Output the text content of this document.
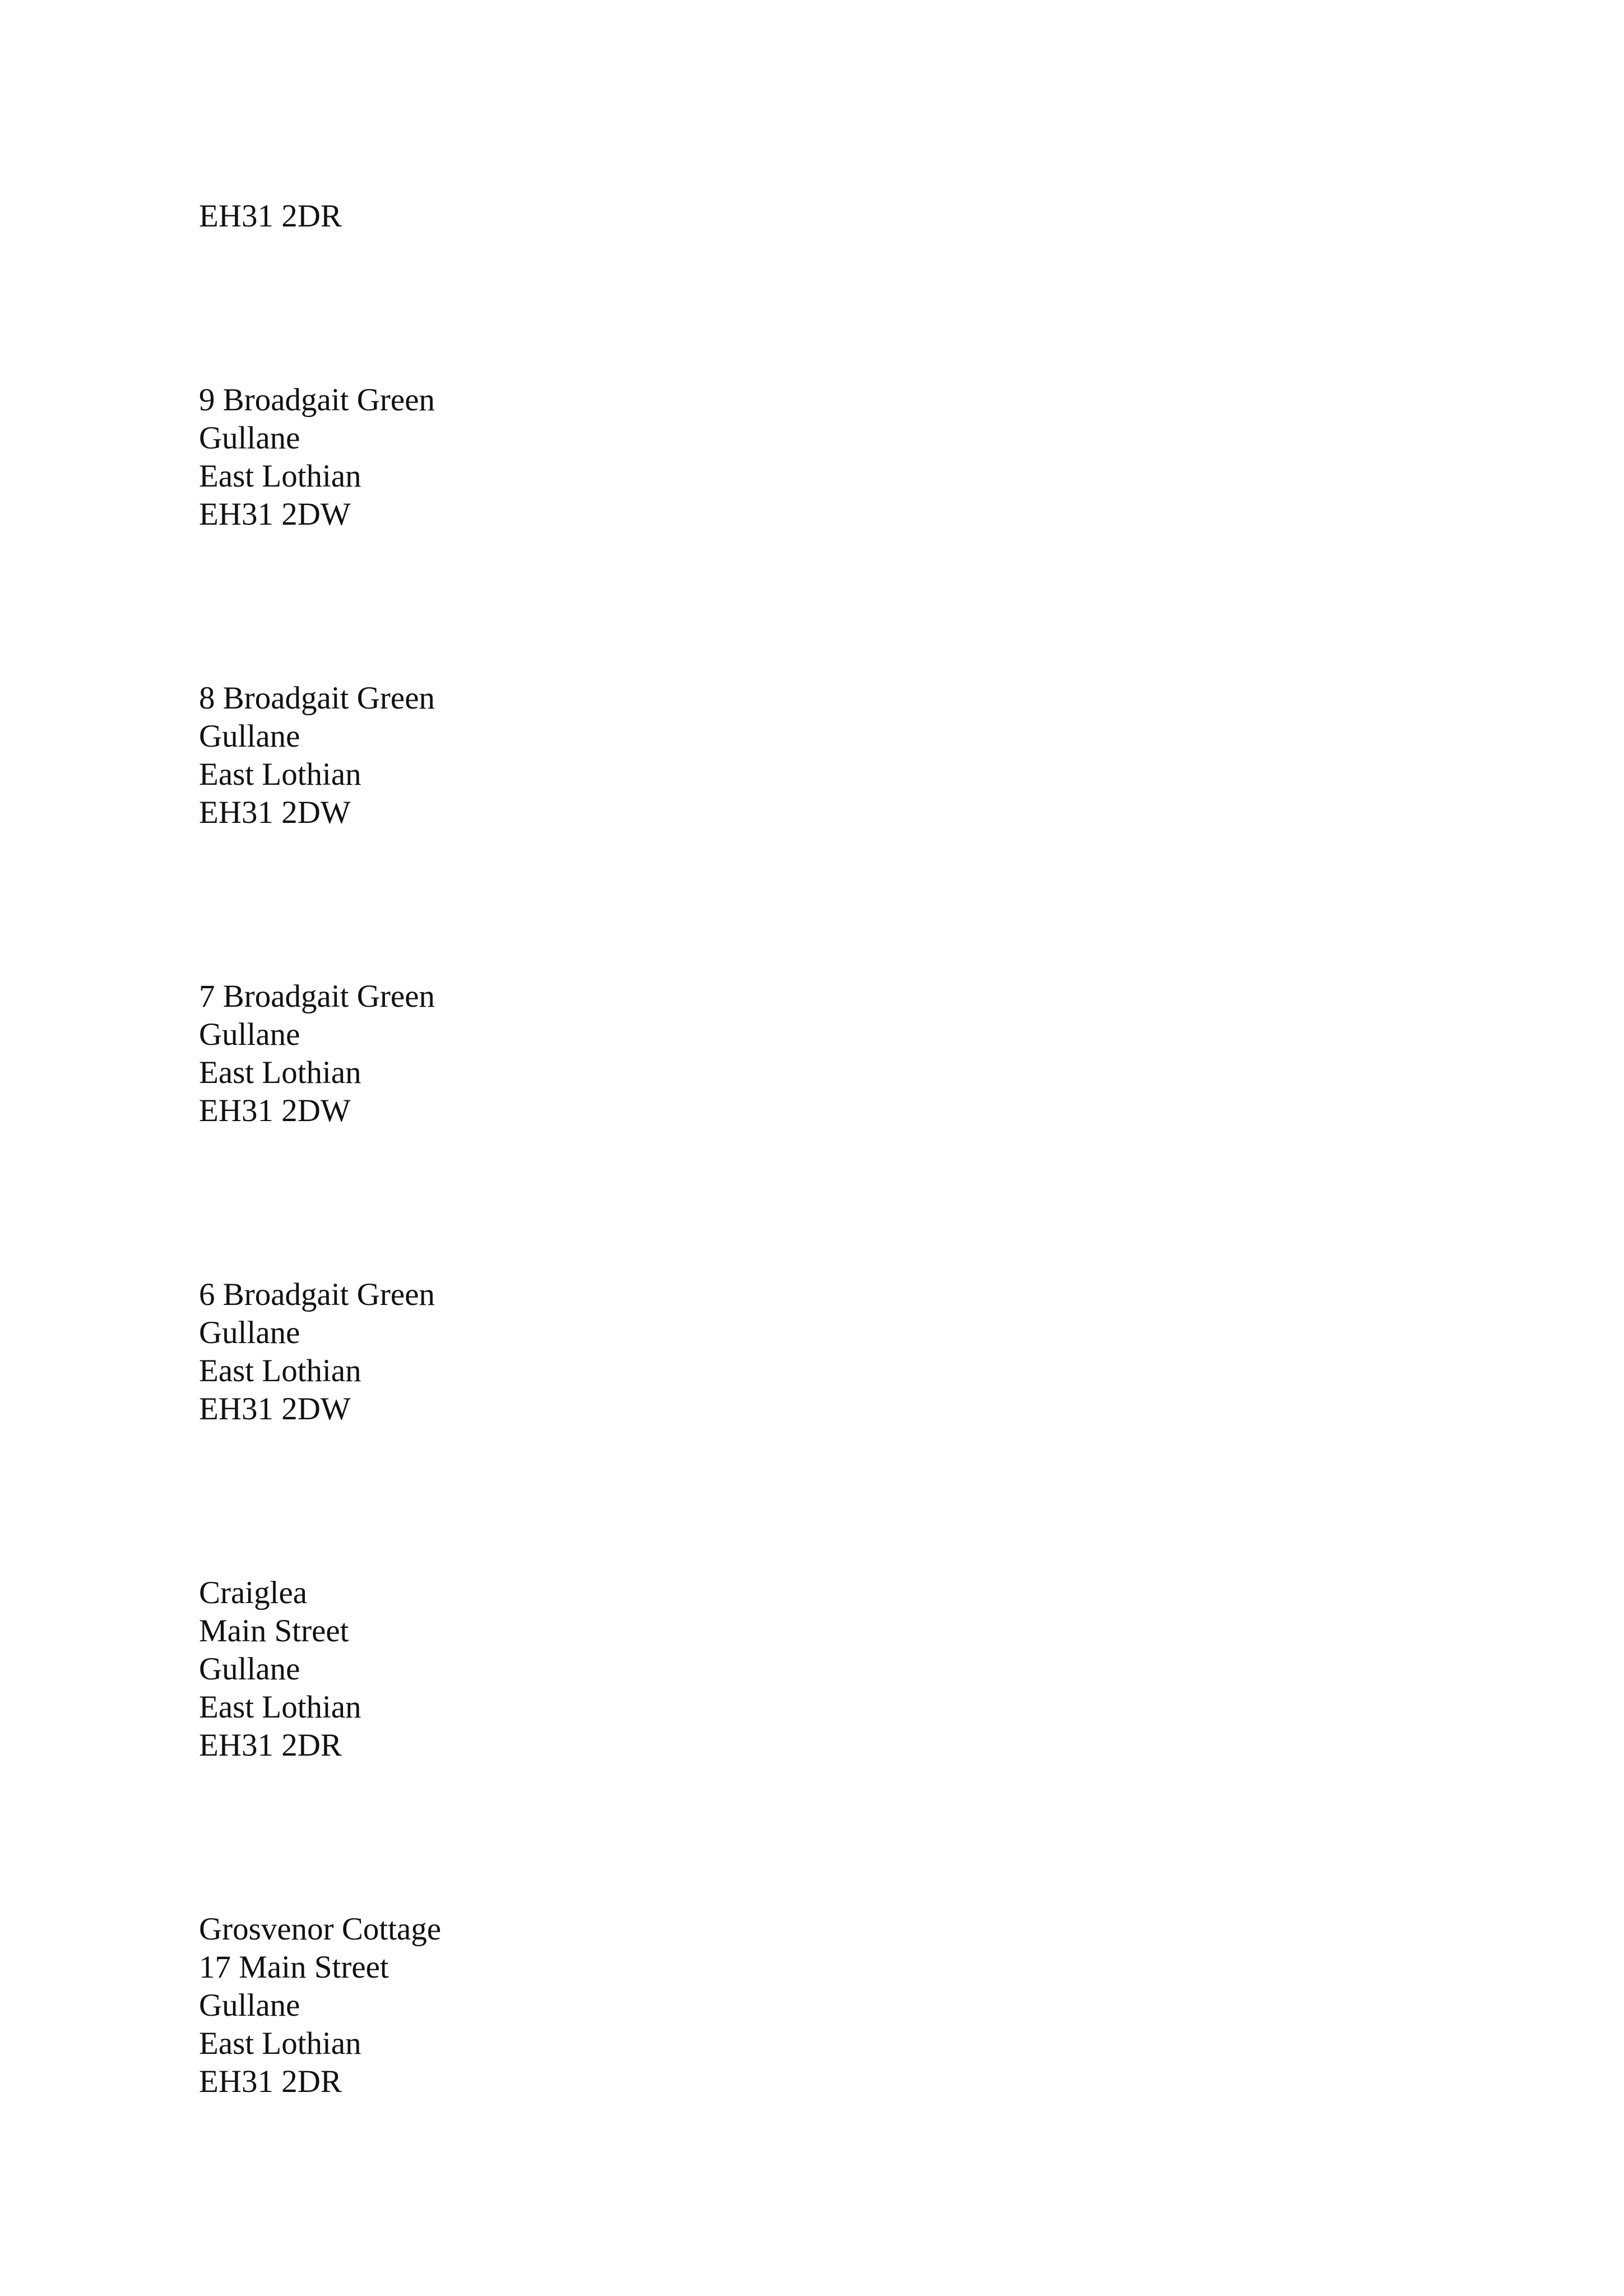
EH31 2DR
9 Broadgait Green
Gullane
East Lothian
EH31 2DW
8 Broadgait Green
Gullane
East Lothian
EH31 2DW
7 Broadgait Green
Gullane
East Lothian
EH31 2DW
6 Broadgait Green
Gullane
East Lothian
EH31 2DW
Craiglea
Main Street
Gullane
East Lothian
EH31 2DR
Grosvenor Cottage
17 Main Street
Gullane
East Lothian
EH31 2DR
